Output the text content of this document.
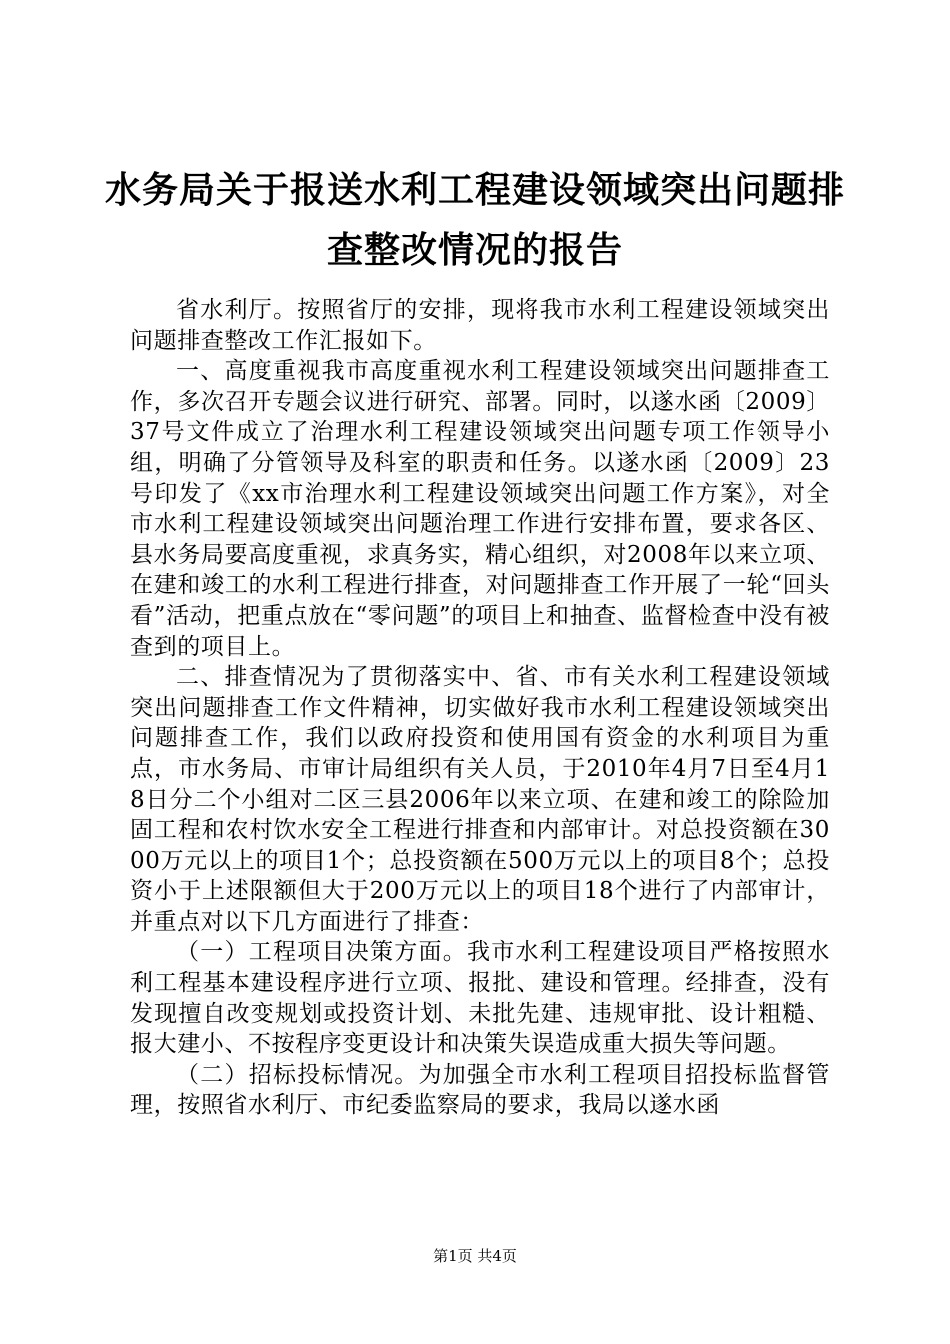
水务局关于报送水利工程建设领域突出问题排
查整改情况的报告

省水利厅。按照省厅的安排，现将我市水利工程建设领域突出问题排查整改工作汇报如下。

一、高度重视我市高度重视水利工程建设领域突出问题排查工作，多次召开专题会议进行研究、部署。同时，以遂水函〔2009〕37号文件成立了治理水利工程建设领域突出问题专项工作领导小组，明确了分管领导及科室的职责和任务。以遂水函〔2009〕23号印发了《xx市治理水利工程建设领域突出问题工作方案》，对全市水利工程建设领域突出问题治理工作进行安排布置，要求各区、县水务局要高度重视，求真务实，精心组织，对2008年以来立项、在建和竣工的水利工程进行排查，对问题排查工作开展了一轮“回头看”活动，把重点放在“零问题”的项目上和抽查、监督检查中没有被查到的项目上。

二、排查情况为了贯彻落实中、省、市有关水利工程建设领域突出问题排查工作文件精神，切实做好我市水利工程建设领域突出问题排查工作，我们以政府投资和使用国有资金的水利项目为重点，市水务局、市审计局组织有关人员，于2010年4月7日至4月18日分二个小组对二区三县2006年以来立项、在建和竣工的除险加固工程和农村饮水安全工程进行排查和内部审计。对总投资额在3000万元以上的项目1个；总投资额在500万元以上的项目8个；总投资小于上述限额但大于200万元以上的项目18个进行了内部审计，并重点对以下几方面进行了排查：

（一）工程项目决策方面。我市水利工程建设项目严格按照水利工程基本建设程序进行立项、报批、建设和管理。经排查，没有发现擅自改变规划或投资计划、未批先建、违规审批、设计粗糙、报大建小、不按程序变更设计和决策失误造成重大损失等问题。

（二）招标投标情况。为加强全市水利工程项目招投标监督管理，按照省水利厅、市纪委监察局的要求，我局以遂水函

第1页 共4页
